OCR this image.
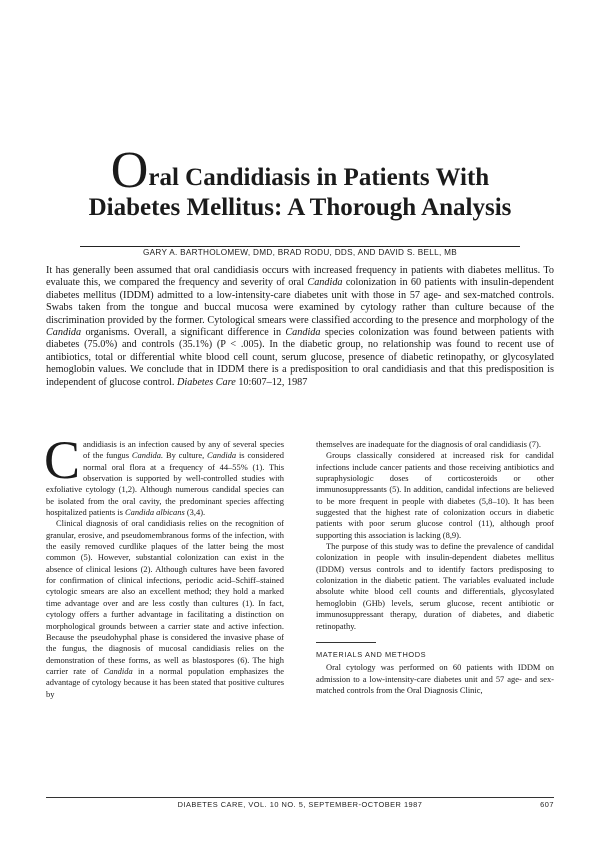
Oral Candidiasis in Patients With
Diabetes Mellitus: A Thorough Analysis
GARY A. BARTHOLOMEW, DMD, BRAD RODU, DDS, AND DAVID S. BELL, MB
It has generally been assumed that oral candidiasis occurs with increased frequency in patients with diabetes mellitus. To evaluate this, we compared the frequency and severity of oral Candida colonization in 60 patients with insulin-dependent diabetes mellitus (IDDM) admitted to a low-intensity-care diabetes unit with those in 57 age- and sex-matched controls. Swabs taken from the tongue and buccal mucosa were examined by cytology rather than culture because of the discrimination provided by the former. Cytological smears were classified according to the presence and morphology of the Candida organisms. Overall, a significant difference in Candida species colonization was found between patients with diabetes (75.0%) and controls (35.1%) (P < .005). In the diabetic group, no relationship was found to recent use of antibiotics, total or differential white blood cell count, serum glucose, presence of diabetic retinopathy, or glycosylated hemoglobin values. We conclude that in IDDM there is a predisposition to oral candidiasis and that this predisposition is independent of glucose control. Diabetes Care 10:607–12, 1987

Candidiasis is an infection caused by any of several species of the fungus Candida. By culture, Candida is considered normal oral flora at a frequency of 44–55% (1). This observation is supported by well-controlled studies with exfoliative cytology (1,2). Although numerous candidal species can be isolated from the oral cavity, the predominant species affecting hospitalized patients is Candida albicans (3,4).

Clinical diagnosis of oral candidiasis relies on the recognition of granular, erosive, and pseudomembranous forms of the infection, with the easily removed curdlike plaques of the latter being the most common (5). However, substantial colonization can exist in the absence of clinical lesions (2). Although cultures have been favored for confirmation of clinical infections, periodic acid–Schiff–stained cytologic smears are also an excellent method; they hold a marked time advantage over and are less costly than cultures (1). In fact, cytology offers a further advantage in facilitating a distinction on morphological grounds between a carrier state and active infection. Because the pseudohyphal phase is considered the invasive phase of the fungus, the diagnosis of mucosal candidiasis relies on the demonstration of these forms, as well as blastospores (6). The high carrier rate of Candida in a normal population emphasizes the advantage of cytology because it has been stated that positive cultures by

themselves are inadequate for the diagnosis of oral candidiasis (7).

Groups classically considered at increased risk for candidal infections include cancer patients and those receiving antibiotics and supraphysiologic doses of corticosteroids or other immunosuppressants (5). In addition, candidal infections are believed to be more frequent in people with diabetes (5,8–10). It has been suggested that the highest rate of colonization occurs in diabetic patients with poor serum glucose control (11), although proof supporting this association is lacking (8,9).

The purpose of this study was to define the prevalence of candidal colonization in people with insulin-dependent diabetes mellitus (IDDM) versus controls and to identify factors predisposing to colonization in the diabetic patient. The variables evaluated include absolute white blood cell counts and differentials, glycosylated hemoglobin (GHb) levels, serum glucose, recent antibiotic or immunosuppressant therapy, duration of diabetes, and diabetic retinopathy.

MATERIALS AND METHODS

Oral cytology was performed on 60 patients with IDDM on admission to a low-intensity-care diabetes unit and 57 age- and sex-matched controls from the Oral Diagnosis Clinic,

DIABETES CARE, VOL. 10 NO. 5, SEPTEMBER-OCTOBER 1987	607
